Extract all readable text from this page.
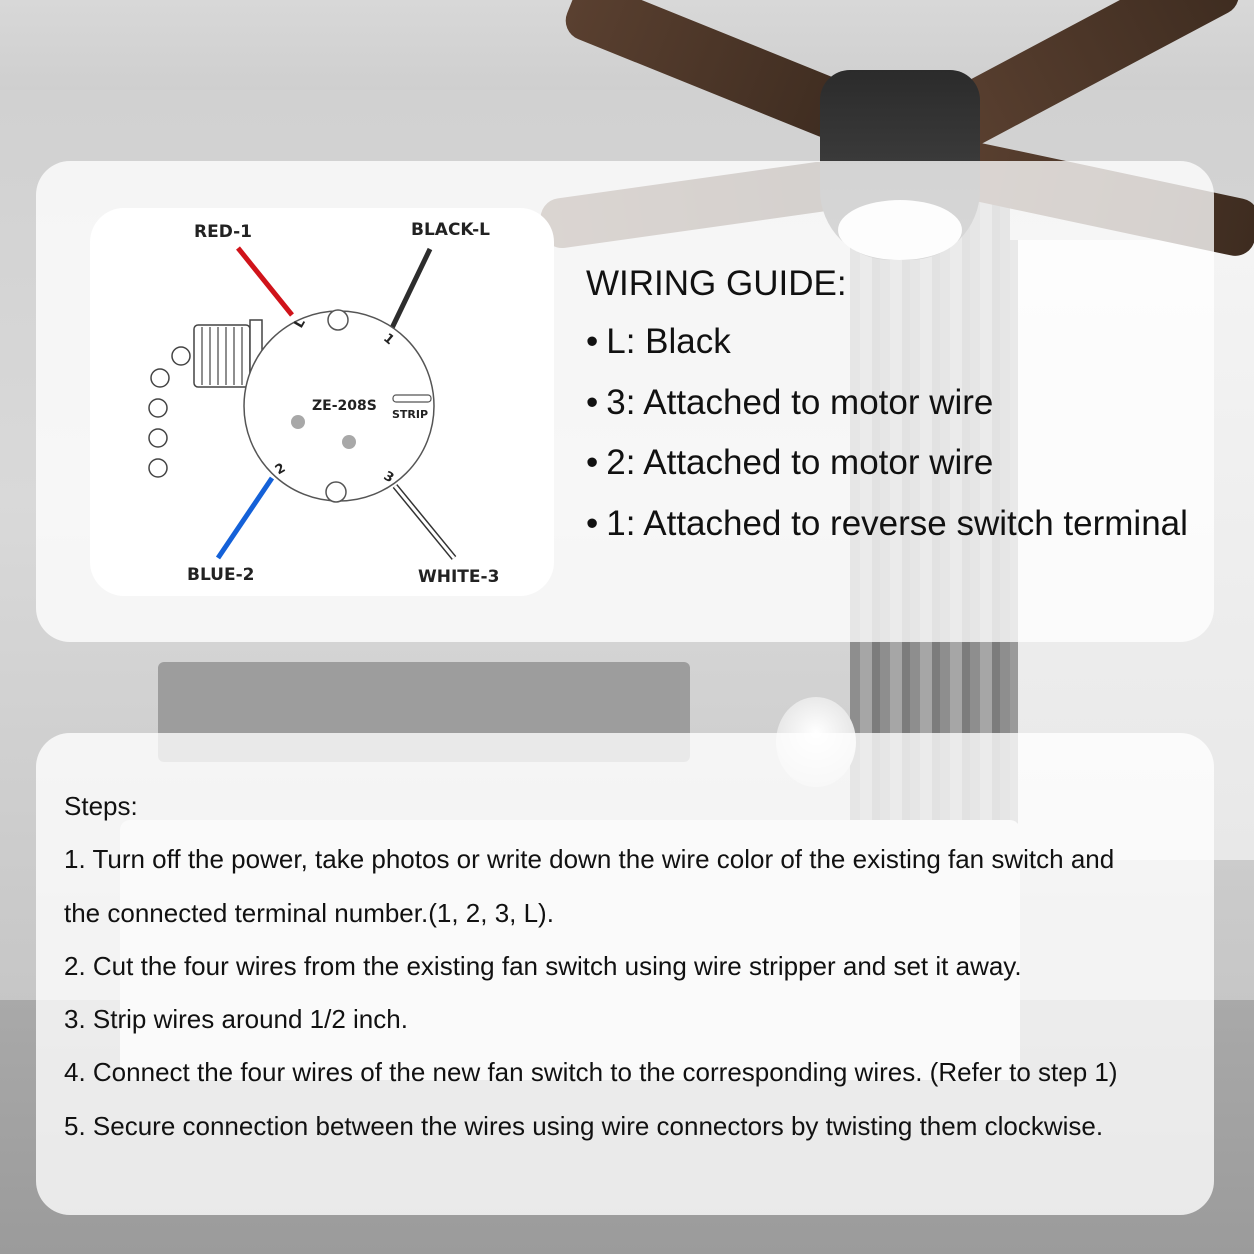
RED-1	BLACK-L
BLUE-2	WHITE-3
ZE-208S
STRIP
1
2	3
L

WIRING GUIDE:

• L: Black
• 3: Attached to motor wire
• 2: Attached to motor wire
• 1: Attached to reverse switch terminal

Steps:

1. Turn off the power, take photos or write down the wire color of the existing fan switch and

the connected terminal number.(1, 2, 3, L).

2. Cut the four wires from the existing fan switch using wire stripper and set it away.

3. Strip wires around 1/2 inch.

4. Connect the four wires of the new fan switch to the corresponding wires. (Refer to step 1)

5. Secure connection between the wires using wire connectors by twisting them clockwise.
